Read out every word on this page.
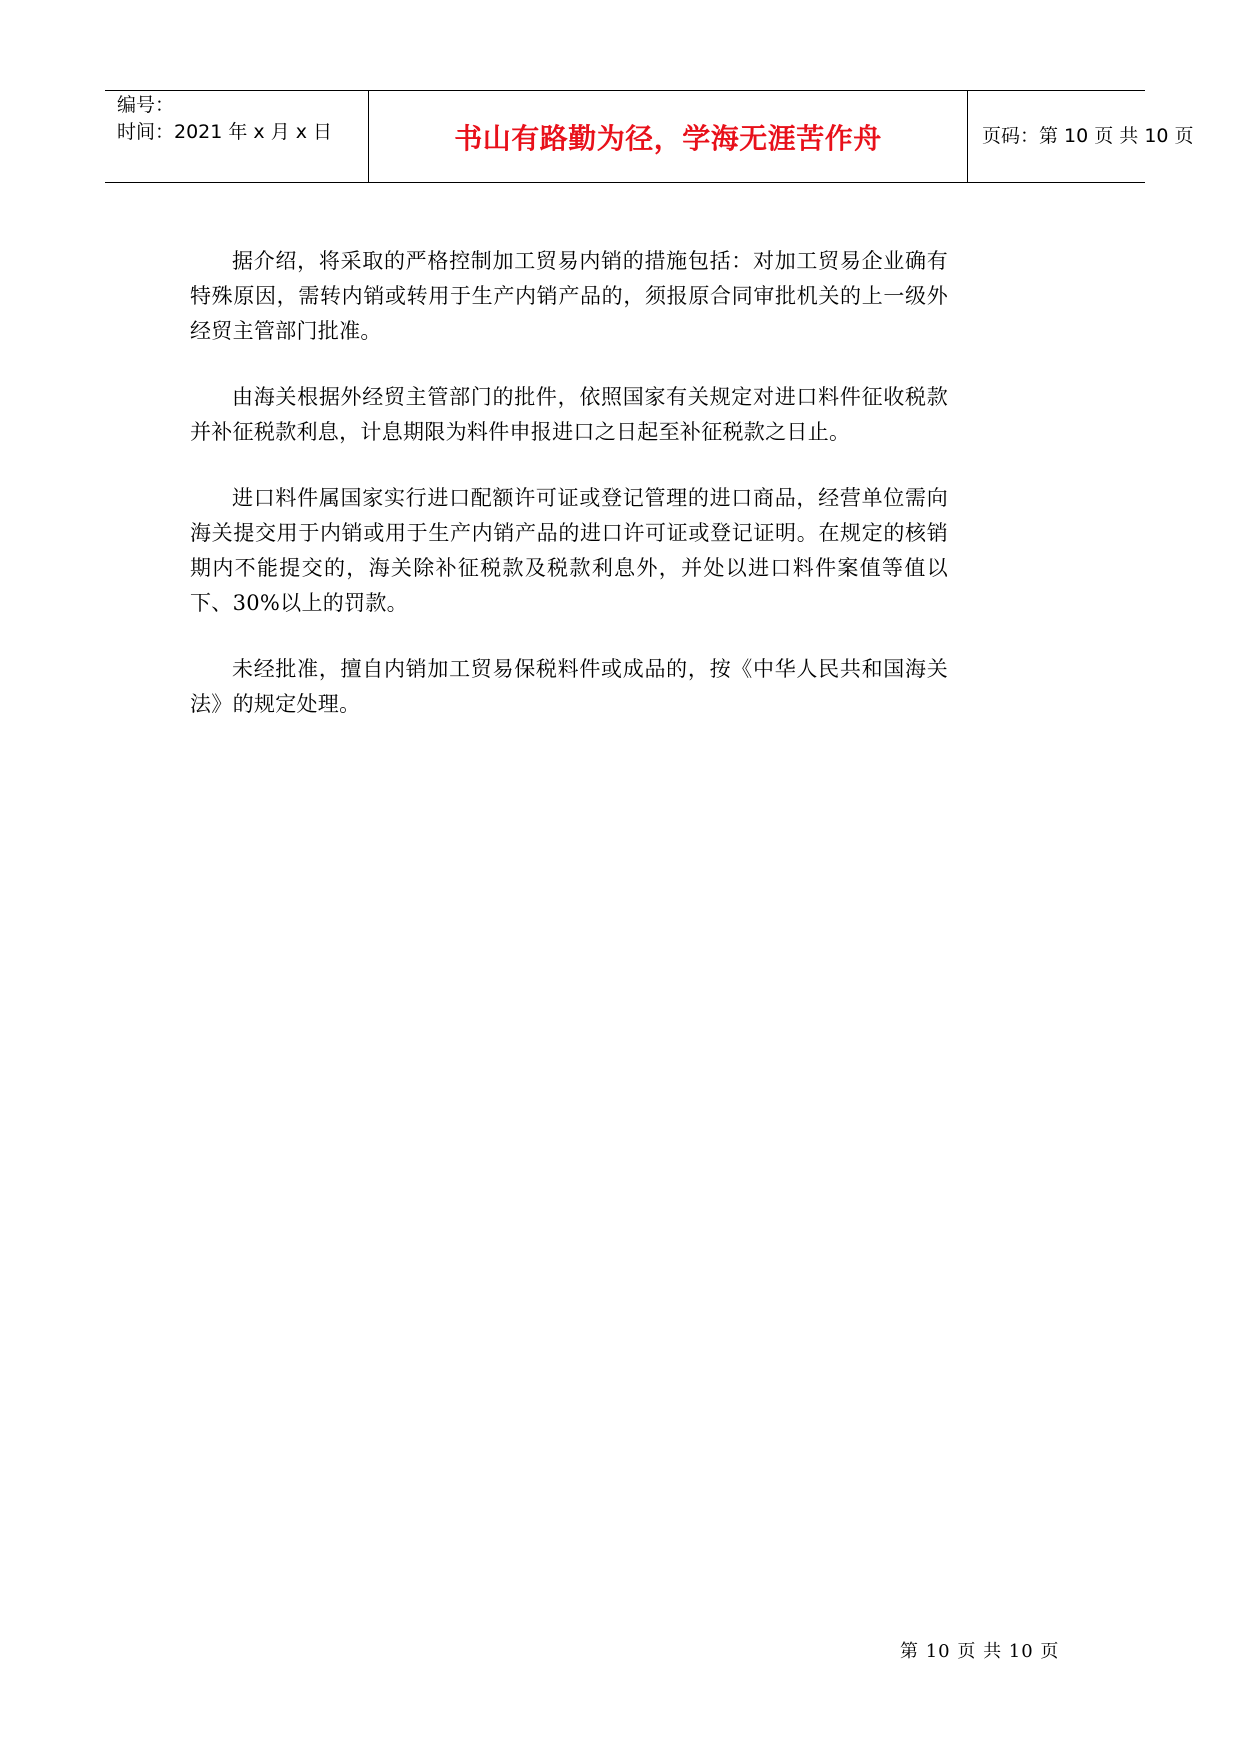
编号：
时间：2021 年 x 月 x 日	书山有路勤为径，学海无涯苦作舟	页码：第 10 页 共 10 页

据介绍，将采取的严格控制加工贸易内销的措施包括：对加工贸易企业确有特殊原因，需转内销或转用于生产内销产品的，须报原合同审批机关的上一级外经贸主管部门批准。

由海关根据外经贸主管部门的批件，依照国家有关规定对进口料件征收税款并补征税款利息，计息期限为料件申报进口之日起至补征税款之日止。

进口料件属国家实行进口配额许可证或登记管理的进口商品，经营单位需向海关提交用于内销或用于生产内销产品的进口许可证或登记证明。在规定的核销期内不能提交的，海关除补征税款及税款利息外，并处以进口料件案值等值以下、30%以上的罚款。

未经批准，擅自内销加工贸易保税料件或成品的，按《中华人民共和国海关法》的规定处理。

第 10 页 共 10 页
